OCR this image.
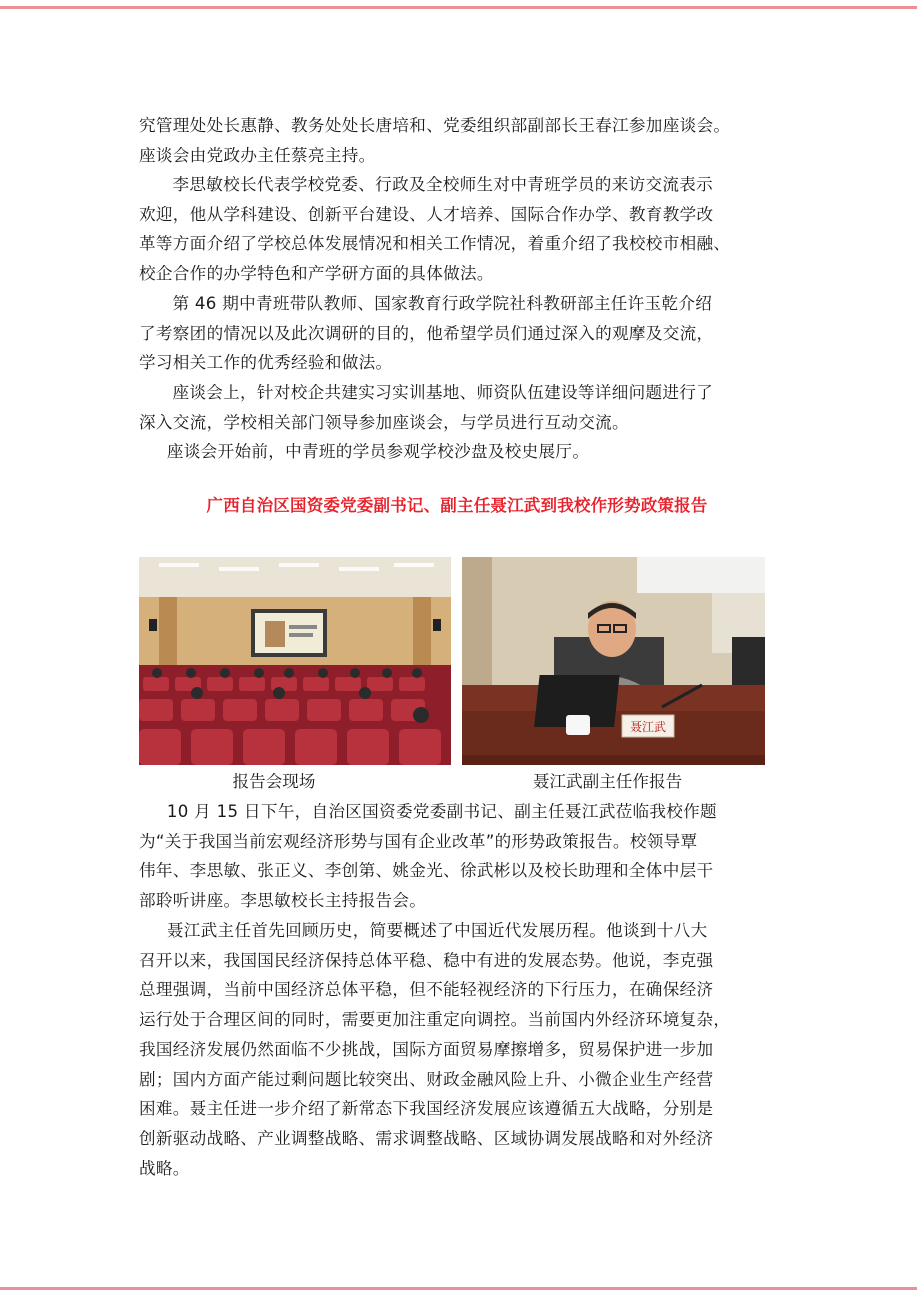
究管理处处长惠静、教务处处长唐培和、党委组织部副部长王春江参加座谈会。
座谈会由党政办主任蔡亮主持。

李思敏校长代表学校党委、行政及全校师生对中青班学员的来访交流表示
欢迎，他从学科建设、创新平台建设、人才培养、国际合作办学、教育教学改
革等方面介绍了学校总体发展情况和相关工作情况，着重介绍了我校校市相融、
校企合作的办学特色和产学研方面的具体做法。

第 46 期中青班带队教师、国家教育行政学院社科教研部主任许玉乾介绍
了考察团的情况以及此次调研的目的，他希望学员们通过深入的观摩及交流，
学习相关工作的优秀经验和做法。

座谈会上，针对校企共建实习实训基地、师资队伍建设等详细问题进行了
深入交流，学校相关部门领导参加座谈会，与学员进行互动交流。

座谈会开始前，中青班的学员参观学校沙盘及校史展厅。

广西自治区国资委党委副书记、副主任聂江武到我校作形势政策报告
聂江武
报告会现场	聂江武副主任作报告

10 月 15 日下午，自治区国资委党委副书记、副主任聂江武莅临我校作题
为“关于我国当前宏观经济形势与国有企业改革”的形势政策报告。校领导覃
伟年、李思敏、张正义、李创第、姚金光、徐武彬以及校长助理和全体中层干
部聆听讲座。李思敏校长主持报告会。

聂江武主任首先回顾历史，简要概述了中国近代发展历程。他谈到十八大
召开以来，我国国民经济保持总体平稳、稳中有进的发展态势。他说，李克强
总理强调，当前中国经济总体平稳，但不能轻视经济的下行压力，在确保经济
运行处于合理区间的同时，需要更加注重定向调控。当前国内外经济环境复杂，
我国经济发展仍然面临不少挑战，国际方面贸易摩擦增多，贸易保护进一步加
剧；国内方面产能过剩问题比较突出、财政金融风险上升、小微企业生产经营
困难。聂主任进一步介绍了新常态下我国经济发展应该遵循五大战略，分别是
创新驱动战略、产业调整战略、需求调整战略、区域协调发展战略和对外经济
战略。
